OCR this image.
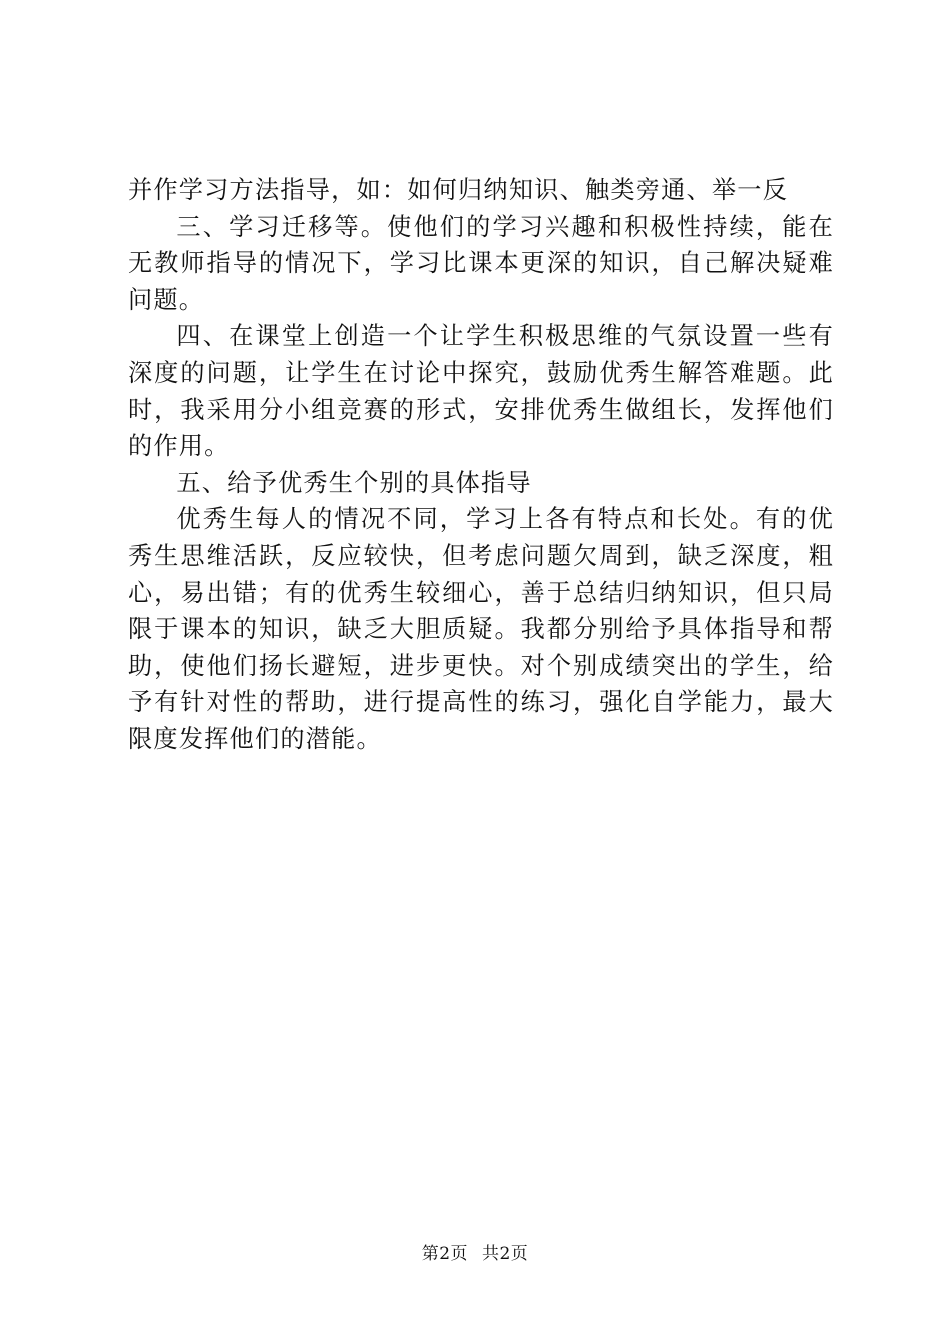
并作学习方法指导，如：如何归纳知识、触类旁通、举一反

三、学习迁移等。使他们的学习兴趣和积极性持续，能在无教师指导的情况下，学习比课本更深的知识，自己解决疑难问题。

四、在课堂上创造一个让学生积极思维的气氛设置一些有深度的问题，让学生在讨论中探究，鼓励优秀生解答难题。此时，我采用分小组竞赛的形式，安排优秀生做组长，发挥他们的作用。

五、给予优秀生个别的具体指导

优秀生每人的情况不同，学习上各有特点和长处。有的优秀生思维活跃，反应较快，但考虑问题欠周到，缺乏深度，粗心，易出错；有的优秀生较细心，善于总结归纳知识，但只局限于课本的知识，缺乏大胆质疑。我都分别给予具体指导和帮助，使他们扬长避短，进步更快。对个别成绩突出的学生，给予有针对性的帮助，进行提高性的练习，强化自学能力，最大限度发挥他们的潜能。

第2页 共2页
